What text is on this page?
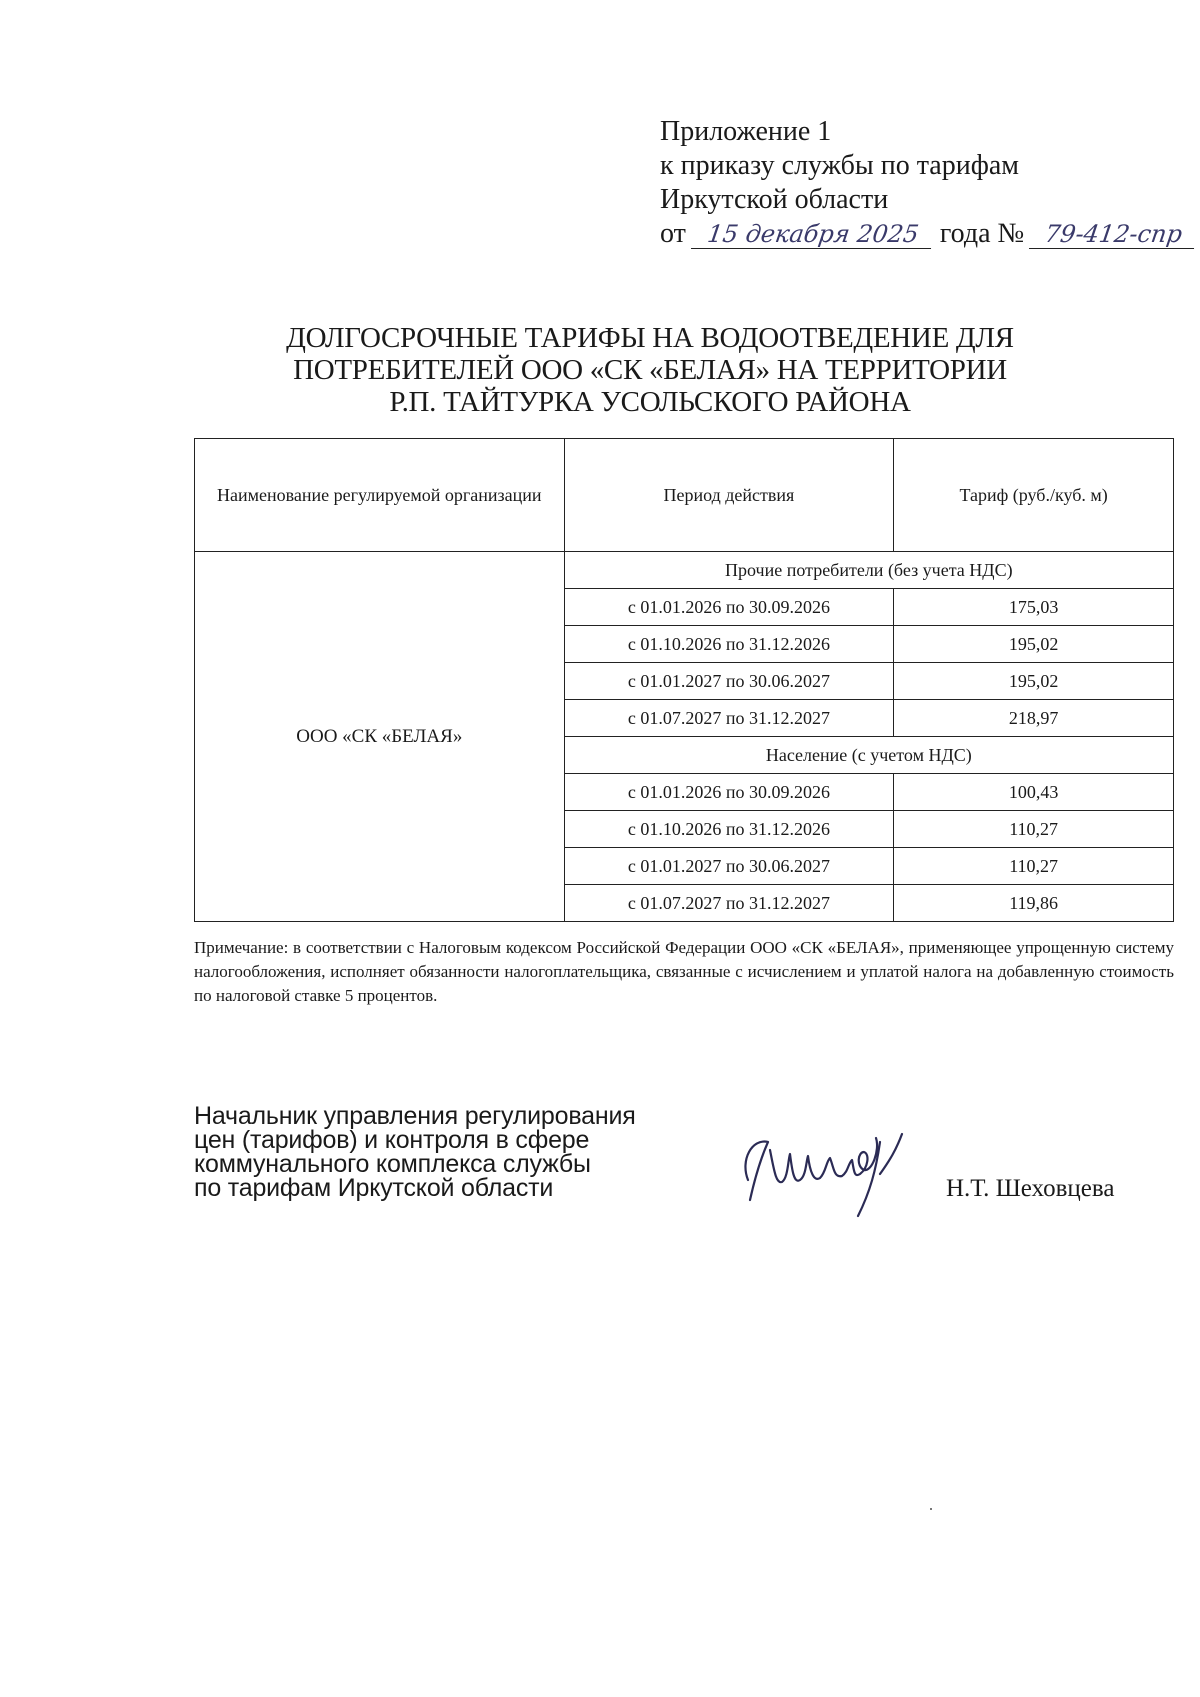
Приложение 1
к приказу службы по тарифам
Иркутской области
от 15 декабря 2025 года № 79-412-спр
ДОЛГОСРОЧНЫЕ ТАРИФЫ НА ВОДООТВЕДЕНИЕ ДЛЯ
ПОТРЕБИТЕЛЕЙ ООО «СК «БЕЛАЯ» НА ТЕРРИТОРИИ
Р.П. ТАЙТУРКА УСОЛЬСКОГО РАЙОНА
Наименование регулируемой организации	Период действия	Тариф (руб./куб. м)
ООО «СК «БЕЛАЯ»	Прочие потребители (без учета НДС)	
	с 01.01.2026 по 30.09.2026	175,03
	с 01.10.2026 по 31.12.2026	195,02
	с 01.01.2027 по 30.06.2027	195,02
	с 01.07.2027 по 31.12.2027	218,97
	Население (с учетом НДС)	
	с 01.01.2026 по 30.09.2026	100,43
	с 01.10.2026 по 31.12.2026	110,27
	с 01.01.2027 по 30.06.2027	110,27
	с 01.07.2027 по 31.12.2027	119,86
Примечание: в соответствии с Налоговым кодексом Российской Федерации ООО «СК «БЕЛАЯ», применяющее упрощенную систему налогообложения, исполняет обязанности налогоплательщика, связанные с исчислением и уплатой налога на добавленную стоимость по налоговой ставке 5 процентов.
Начальник управления регулирования
цен (тарифов) и контроля в сфере
коммунального комплекса службы
по тарифам Иркутской области	Н.Т. Шеховцева
